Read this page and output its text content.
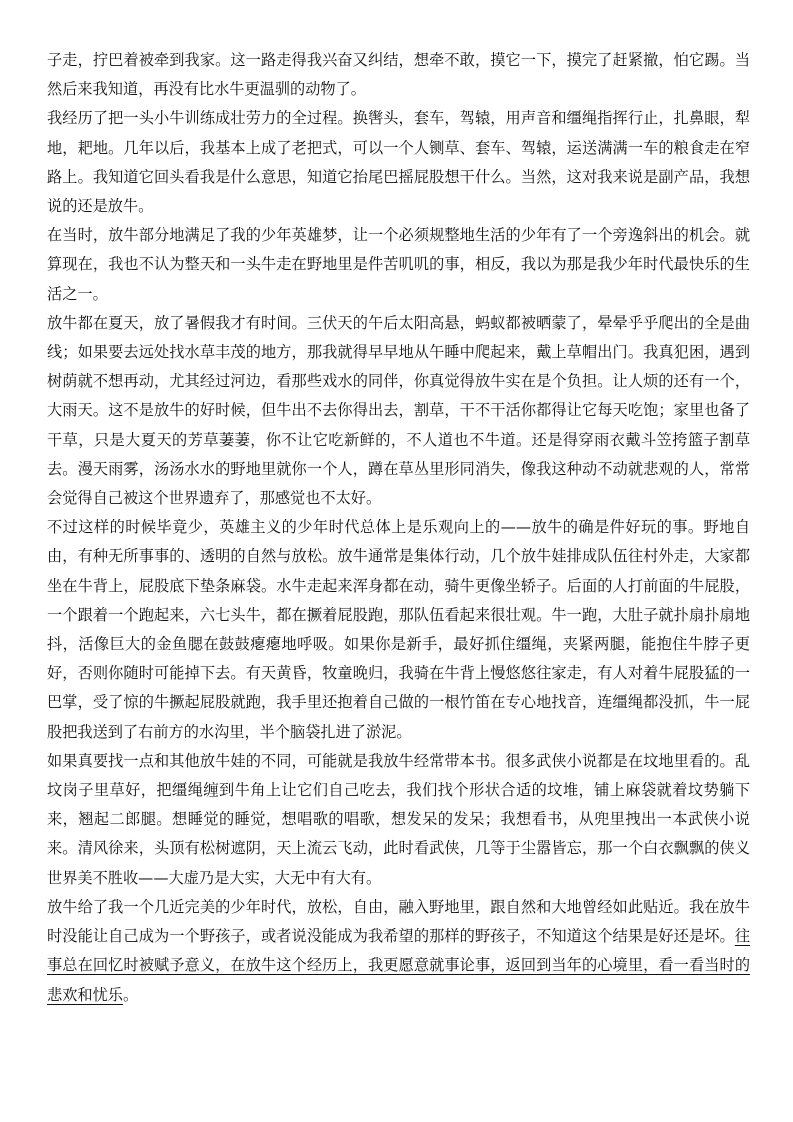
子走，拧巴着被牵到我家。这一路走得我兴奋又纠结，想牵不敢，摸它一下，摸完了赶紧撤，怕它踢。当然后来我知道，再没有比水牛更温驯的动物了。

我经历了把一头小牛训练成壮劳力的全过程。换辔头，套车，驾辕，用声音和缰绳指挥行止，扎鼻眼，犁地，耙地。几年以后，我基本上成了老把式，可以一个人铡草、套车、驾辕，运送满满一车的粮食走在窄路上。我知道它回头看我是什么意思，知道它抬尾巴摇屁股想干什么。当然，这对我来说是副产品，我想说的还是放牛。

在当时，放牛部分地满足了我的少年英雄梦，让一个必须规整地生活的少年有了一个旁逸斜出的机会。就算现在，我也不认为整天和一头牛走在野地里是件苦叽叽的事，相反，我以为那是我少年时代最快乐的生活之一。

放牛都在夏天，放了暑假我才有时间。三伏天的午后太阳高悬，蚂蚁都被晒蒙了，晕晕乎乎爬出的全是曲线；如果要去远处找水草丰茂的地方，那我就得早早地从午睡中爬起来，戴上草帽出门。我真犯困，遇到树荫就不想再动，尤其经过河边，看那些戏水的同伴，你真觉得放牛实在是个负担。让人烦的还有一个，大雨天。这不是放牛的好时候，但牛出不去你得出去，割草，干不干活你都得让它每天吃饱；家里也备了干草，只是大夏天的芳草萋萋，你不让它吃新鲜的，不人道也不牛道。还是得穿雨衣戴斗笠挎篮子割草去。漫天雨雾，汤汤水水的野地里就你一个人，蹲在草丛里形同消失，像我这种动不动就悲观的人，常常会觉得自己被这个世界遗弃了，那感觉也不太好。

不过这样的时候毕竟少，英雄主义的少年时代总体上是乐观向上的——放牛的确是件好玩的事。野地自由，有种无所事事的、透明的自然与放松。放牛通常是集体行动，几个放牛娃排成队伍往村外走，大家都坐在牛背上，屁股底下垫条麻袋。水牛走起来浑身都在动，骑牛更像坐轿子。后面的人打前面的牛屁股，一个跟着一个跑起来，六七头牛，都在撅着屁股跑，那队伍看起来很壮观。牛一跑，大肚子就扑扇扑扇地抖，活像巨大的金鱼腮在鼓鼓瘪瘪地呼吸。如果你是新手，最好抓住缰绳，夹紧两腿，能抱住牛脖子更好，否则你随时可能掉下去。有天黄昏，牧童晚归，我骑在牛背上慢悠悠往家走，有人对着牛屁股猛的一巴掌，受了惊的牛撅起屁股就跑，我手里还抱着自己做的一根竹笛在专心地找音，连缰绳都没抓，牛一屁股把我送到了右前方的水沟里，半个脑袋扎进了淤泥。

如果真要找一点和其他放牛娃的不同，可能就是我放牛经常带本书。很多武侠小说都是在坟地里看的。乱坟岗子里草好，把缰绳缠到牛角上让它们自己吃去，我们找个形状合适的坟堆，铺上麻袋就着坟势躺下来，翘起二郎腿。想睡觉的睡觉，想唱歌的唱歌，想发呆的发呆；我想看书，从兜里拽出一本武侠小说来。清风徐来，头顶有松树遮阴，天上流云飞动，此时看武侠，几等于尘嚣皆忘，那一个白衣飘飘的侠义世界美不胜收——大虚乃是大实，大无中有大有。

放牛给了我一个几近完美的少年时代，放松，自由，融入野地里，跟自然和大地曾经如此贴近。我在放牛时没能让自己成为一个野孩子，或者说没能成为我希望的那样的野孩子，不知道这个结果是好还是坏。往事总在回忆时被赋予意义，在放牛这个经历上，我更愿意就事论事，返回到当年的心境里，看一看当时的悲欢和忧乐。
